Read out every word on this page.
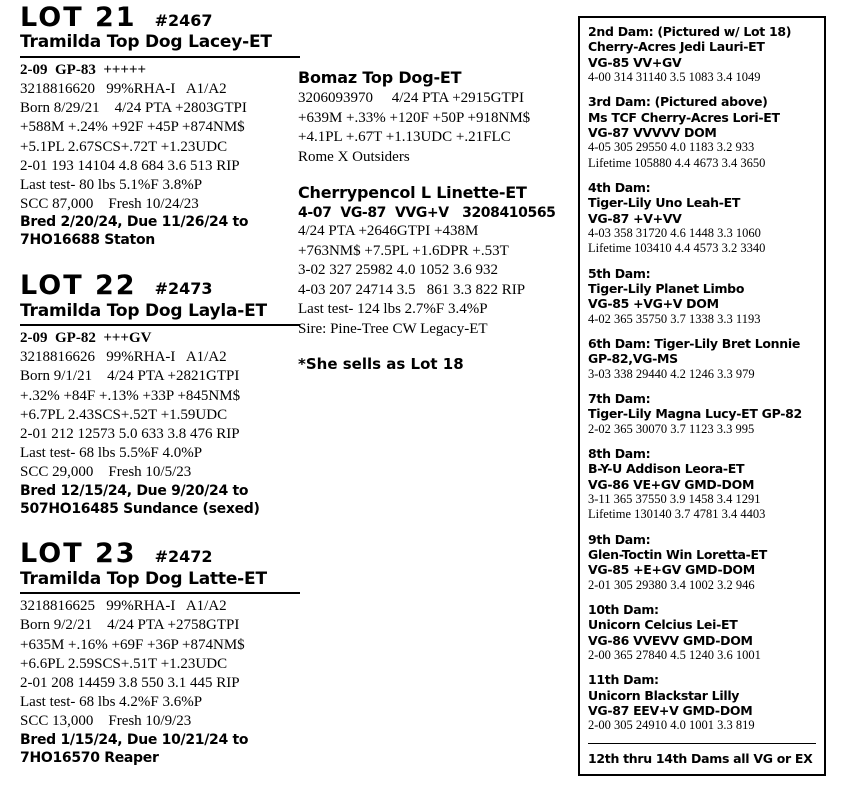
LOT 21 #2467
Tramilda Top Dog Lacey-ET
2-09  GP-83  +++++
3218816620   99%RHA-I   A1/A2
Born 8/29/21    4/24 PTA +2803GTPI
+588M +.24% +92F +45P +874NM$
+5.1PL 2.67SCS+.72T +1.23UDC
2-01 193 14104 4.8 684 3.6 513 RIP
Last test- 80 lbs 5.1%F 3.8%P
SCC 87,000    Fresh 10/24/23
Bred 2/20/24, Due 11/26/24 to
7HO16688 Staton
LOT 22 #2473
Tramilda Top Dog Layla-ET
2-09  GP-82  +++GV
3218816626   99%RHA-I   A1/A2
Born 9/1/21    4/24 PTA +2821GTPI
+.32% +84F +.13% +33P +845NM$
+6.7PL 2.43SCS+.52T +1.59UDC
2-01 212 12573 5.0 633 3.8 476 RIP
Last test- 68 lbs 5.5%F 4.0%P
SCC 29,000    Fresh 10/5/23
Bred 12/15/24, Due 9/20/24 to
507HO16485 Sundance (sexed)
LOT 23 #2472
Tramilda Top Dog Latte-ET
3218816625   99%RHA-I   A1/A2
Born 9/2/21    4/24 PTA +2758GTPI
+635M +.16% +69F +36P +874NM$
+6.6PL 2.59SCS+.51T +1.23UDC
2-01 208 14459 3.8 550 3.1 445 RIP
Last test- 68 lbs 4.2%F 3.6%P
SCC 13,000    Fresh 10/9/23
Bred 1/15/24, Due 10/21/24 to
7HO16570 Reaper
Bomaz Top Dog-ET
3206093970     4/24 PTA +2915GTPI
+639M +.33% +120F +50P +918NM$
+4.1PL +.67T +1.13UDC +.21FLC
Rome X Outsiders
Cherrypencol L Linette-ET
4-07  VG-87  VVG+V   3208410565
4/24 PTA +2646GTPI +438M
+763NM$ +7.5PL +1.6DPR +.53T
3-02 327 25982 4.0 1052 3.6 932
4-03 207 24714 3.5   861 3.3 822 RIP
Last test- 124 lbs 2.7%F 3.4%P
Sire: Pine-Tree CW Legacy-ET
*She sells as Lot 18
2nd Dam: (Pictured w/ Lot 18)
Cherry-Acres Jedi Lauri-ET
VG-85 VV+GV
4-00 314 31140 3.5 1083 3.4 1049
3rd Dam: (Pictured above)
Ms TCF Cherry-Acres Lori-ET
VG-87 VVVVV DOM
4-05 305 29550 4.0 1183 3.2 933
Lifetime 105880 4.4 4673 3.4 3650
4th Dam:
Tiger-Lily Uno Leah-ET
VG-87 +V+VV
4-03 358 31720 4.6 1448 3.3 1060
Lifetime 103410 4.4 4573 3.2 3340
5th Dam:
Tiger-Lily Planet Limbo
VG-85 +VG+V DOM
4-02 365 35750 3.7 1338 3.3 1193
6th Dam: Tiger-Lily Bret Lonnie
GP-82,VG-MS
3-03 338 29440 4.2 1246 3.3 979
7th Dam:
Tiger-Lily Magna Lucy-ET GP-82
2-02 365 30070 3.7 1123 3.3 995
8th Dam:
B-Y-U Addison Leora-ET
VG-86 VE+GV GMD-DOM
3-11 365 37550 3.9 1458 3.4 1291
Lifetime 130140 3.7 4781 3.4 4403
9th Dam:
Glen-Toctin Win Loretta-ET
VG-85 +E+GV GMD-DOM
2-01 305 29380 3.4 1002 3.2 946
10th Dam:
Unicorn Celcius Lei-ET
VG-86 VVEVV GMD-DOM
2-00 365 27840 4.5 1240 3.6 1001
11th Dam:
Unicorn Blackstar Lilly
VG-87 EEV+V GMD-DOM
2-00 305 24910 4.0 1001 3.3 819
12th thru 14th Dams all VG or EX
